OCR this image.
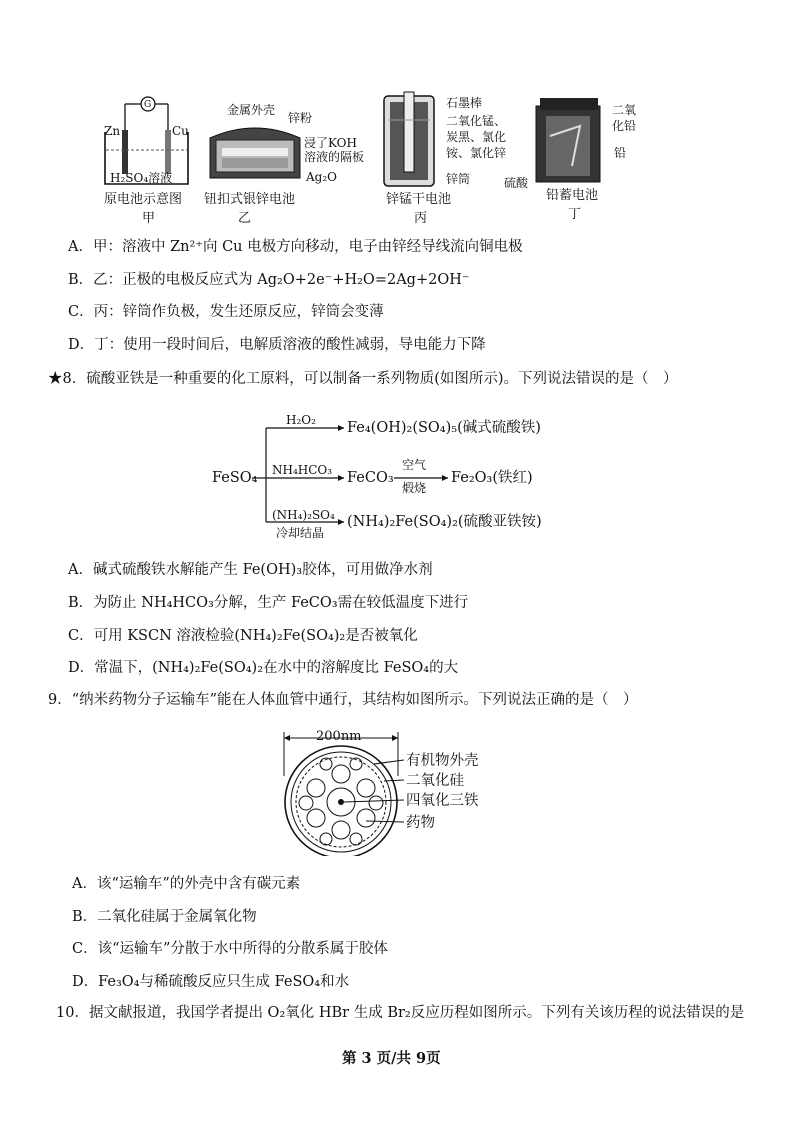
Zn	Cu
G
H₂SO₄溶液
原电池示意图
甲
金属外壳
锌粉
浸了KOH
溶液的隔板
Ag₂O
钮扣式银锌电池
乙
石墨棒
二氧化锰、
炭黑、氯化
铵、氯化锌
锌筒
锌锰干电池
丙
二氧
化铅
铅
硫酸
铅蓄电池
丁
A．甲：溶液中 Zn²⁺向 Cu 电极方向移动，电子由锌经导线流向铜电极
B．乙：正极的电极反应式为 Ag₂O+2e⁻+H₂O=2Ag+2OH⁻
C．丙：锌筒作负极，发生还原反应，锌筒会变薄
D．丁：使用一段时间后，电解质溶液的酸性减弱，导电能力下降
★8．硫酸亚铁是一种重要的化工原料，可以制备一系列物质(如图所示)。下列说法错误的是（　）
FeSO₄
H₂O₂ Fe₄(OH)₂(SO₄)₅(碱式硫酸铁)
NH₄HCO₃ FeCO₃
空气
煅烧
Fe₂O₃(铁红)
(NH₄)₂SO₄
冷却结晶
(NH₄)₂Fe(SO₄)₂(硫酸亚铁铵)
A．碱式硫酸铁水解能产生 Fe(OH)₃胶体，可用做净水剂
B．为防止 NH₄HCO₃分解，生产 FeCO₃需在较低温度下进行
C．可用 KSCN 溶液检验(NH₄)₂Fe(SO₄)₂是否被氧化
D．常温下，(NH₄)₂Fe(SO₄)₂在水中的溶解度比 FeSO₄的大
9．“纳米药物分子运输车”能在人体血管中通行，其结构如图所示。下列说法正确的是（　）
200nm
有机物外壳
二氧化硅
四氧化三铁
药物
A．该“运输车”的外壳中含有碳元素
B．二氧化硅属于金属氧化物
C．该“运输车”分散于水中所得的分散系属于胶体
D．Fe₃O₄与稀硫酸反应只生成 FeSO₄和水
10．据文献报道，我国学者提出 O₂氧化 HBr 生成 Br₂反应历程如图所示。下列有关该历程的说法错误的是
第 3 页/共 9页
